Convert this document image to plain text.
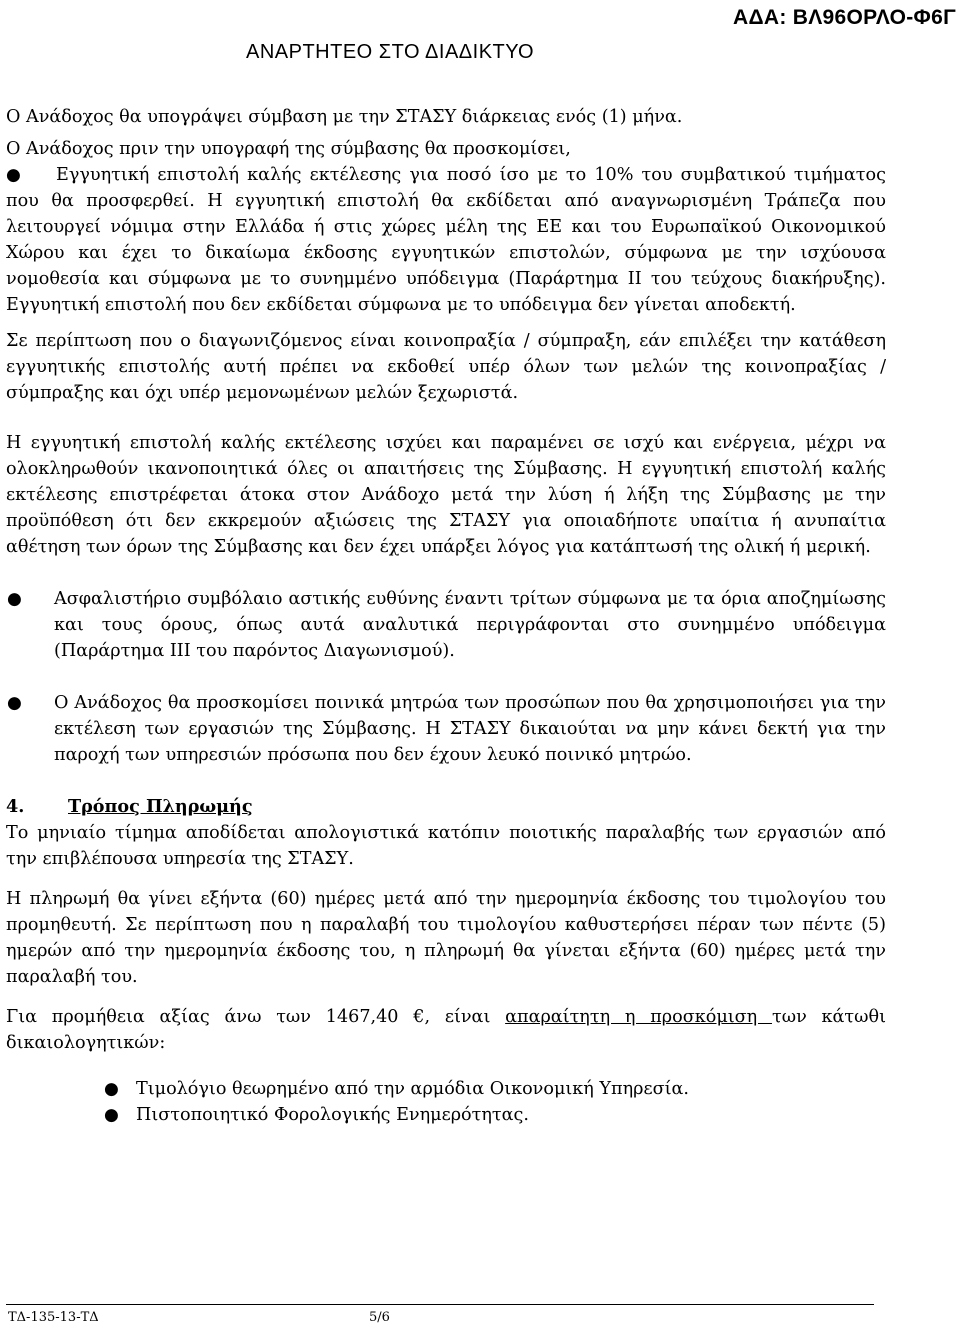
ΑΔΑ: ΒΛ96ΟΡΛΟ-Φ6Γ
ΑΝΑΡΤΗΤΕΟ ΣΤΟ ΔΙΑΔΙΚΤΥΟ

Ο Ανάδοχος θα υπογράψει σύμβαση με την ΣΤΑΣΥ διάρκειας ενός (1) μήνα.

Ο Ανάδοχος πριν την υπογραφή της σύμβασης θα προσκομίσει,

●	Εγγυητική επιστολή καλής εκτέλεσης για ποσό ίσο με το 10% του συμβατικού τιμήματος που θα προσφερθεί. Η εγγυητική επιστολή θα εκδίδεται από αναγνωρισμένη Τράπεζα που λειτουργεί νόμιμα στην Ελλάδα ή στις χώρες μέλη της ΕΕ και του Ευρωπαϊκού Οικονομικού Χώρου και έχει το δικαίωμα έκδοσης εγγυητικών επιστολών, σύμφωνα με την ισχύουσα νομοθεσία και σύμφωνα με το συνημμένο υπόδειγμα (Παράρτημα ΙΙ του τεύχους διακήρυξης). Εγγυητική επιστολή που δεν εκδίδεται σύμφωνα με το υπόδειγμα δεν γίνεται αποδεκτή.

Σε περίπτωση που ο διαγωνιζόμενος είναι κοινοπραξία / σύμπραξη, εάν επιλέξει την κατάθεση εγγυητικής επιστολής αυτή πρέπει να εκδοθεί υπέρ όλων των μελών της κοινοπραξίας / σύμπραξης και όχι υπέρ μεμονωμένων μελών ξεχωριστά.

Η εγγυητική επιστολή καλής εκτέλεσης ισχύει και παραμένει σε ισχύ και ενέργεια, μέχρι να ολοκληρωθούν ικανοποιητικά όλες οι απαιτήσεις της Σύμβασης. Η εγγυητική επιστολή καλής εκτέλεσης επιστρέφεται άτοκα στον Ανάδοχο μετά την λύση ή λήξη της Σύμβασης με την προϋπόθεση ότι δεν εκκρεμούν αξιώσεις της ΣΤΑΣΥ για οποιαδήποτε υπαίτια ή ανυπαίτια αθέτηση των όρων της Σύμβασης και δεν έχει υπάρξει λόγος για κατάπτωσή της ολική ή μερική.

● Ασφαλιστήριο συμβόλαιο αστικής ευθύνης έναντι τρίτων σύμφωνα με τα όρια αποζημίωσης και τους όρους, όπως αυτά αναλυτικά περιγράφονται στο συνημμένο υπόδειγμα (Παράρτημα ΙΙΙ του παρόντος Διαγωνισμού).

● Ο Ανάδοχος θα προσκομίσει ποινικά μητρώα των προσώπων που θα χρησιμοποιήσει για την εκτέλεση των εργασιών της Σύμβασης. Η ΣΤΑΣΥ δικαιούται να μην κάνει δεκτή για την παροχή των υπηρεσιών πρόσωπα που δεν έχουν λευκό ποινικό μητρώο.

4. Τρόπος Πληρωμής

Το μηνιαίο τίμημα αποδίδεται απολογιστικά κατόπιν ποιοτικής παραλαβής των εργασιών από την επιβλέπουσα υπηρεσία της ΣΤΑΣΥ.

Η πληρωμή θα γίνει εξήντα (60) ημέρες μετά από την ημερομηνία έκδοσης του τιμολογίου του προμηθευτή. Σε περίπτωση που η παραλαβή του τιμολογίου καθυστερήσει πέραν των πέντε (5) ημερών από την ημερομηνία έκδοσης του, η πληρωμή θα γίνεται εξήντα (60) ημέρες μετά την παραλαβή του.

Για προμήθεια αξίας άνω των 1467,40 €, είναι απαραίτητη η προσκόμιση των κάτωθι δικαιολογητικών:

● Τιμολόγιο θεωρημένο από την αρμόδια Οικονομική Υπηρεσία.
● Πιστοποιητικό Φορολογικής Ενημερότητας.
ΤΔ-135-13-ΤΔ	5/6
